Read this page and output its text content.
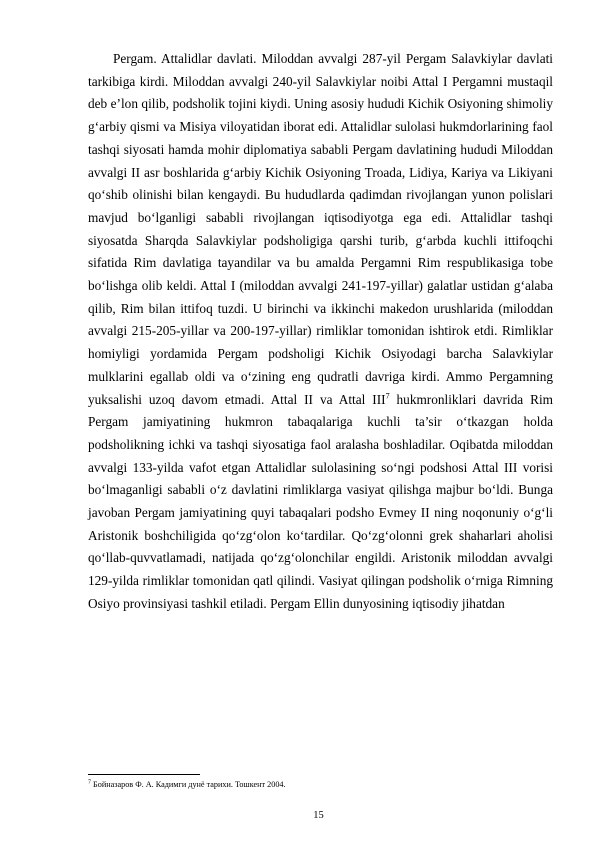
Pergam. Attalidlar davlati. Miloddan avvalgi 287-yil Pergam Salavkiylar davlati tarkibiga kirdi. Miloddan avvalgi 240-yil Salavkiylar noibi Attal I Pergamni mustaqil deb e’lon qilib, podsholik tojini kiydi. Uning asosiy hududi Kichik Osiyoning shimoliy g‘arbiy qismi va Misiya viloyatidan iborat edi. Attalidlar sulolasi hukmdorlarining faol tashqi siyosati hamda mohir diplomatiya sababli Pergam davlatining hududi Miloddan avvalgi II asr boshlarida g‘arbiy Kichik Osiyoning Troada, Lidiya, Kariya va Likiyani qo‘shib olinishi bilan kengaydi. Bu hududlarda qadimdan rivojlangan yunon polislari mavjud bo‘lganligi sababli rivojlangan iqtisodiyotga ega edi. Attalidlar tashqi siyosatda Sharqda Salavkiylar podsholigiga qarshi turib, g‘arbda kuchli ittifoqchi sifatida Rim davlatiga tayandilar va bu amalda Pergamni Rim respublikasiga tobe bo‘lishga olib keldi. Attal I (miloddan avvalgi 241-197-yillar) galatlar ustidan g‘alaba qilib, Rim bilan ittifoq tuzdi. U birinchi va ikkinchi makedon urushlarida (miloddan avvalgi 215-205-yillar va 200-197-yillar) rimliklar tomonidan ishtirok etdi. Rimliklar homiyligi yordamida Pergam podsholigi Kichik Osiyodagi barcha Salavkiylar mulklarini egallab oldi va o‘zining eng qudratli davriga kirdi. Ammo Pergamning yuksalishi uzoq davom etmadi. Attal II va Attal III$^7$ hukmronliklari davrida Rim Pergam jamiyatining hukmron tabaqalariga kuchli ta’sir o‘tkazgan holda podsholikning ichki va tashqi siyosatiga faol aralasha boshladilar. Oqibatda miloddan avvalgi 133-yilda vafot etgan Attalidlar sulolasining so‘ngi podshosi Attal III vorisi bo‘lmaganligi sababli o‘z davlatini rimliklarga vasiyat qilishga majbur bo‘ldi. Bunga javoban Pergam jamiyatining quyi tabaqalari podsho Evmey II ning noqonuniy o‘g‘li Aristonik boshchiligida qo‘zg‘olon ko‘tardilar. Qo‘zg‘olonni grek shaharlari aholisi qo‘llab-quvvatlamadi, natijada qo‘zg‘olonchilar engildi. Aristonik miloddan avvalgi 129-yilda rimliklar tomonidan qatl qilindi. Vasiyat qilingan podsholik o‘rniga Rimning Osiyo provinsiyasi tashkil etiladi. Pergam Ellin dunyosining iqtisodiy jihatdan

$^7$ Бойназаров Ф. А. Кадимги дунё тарихи. Тошкент 2004.
15
